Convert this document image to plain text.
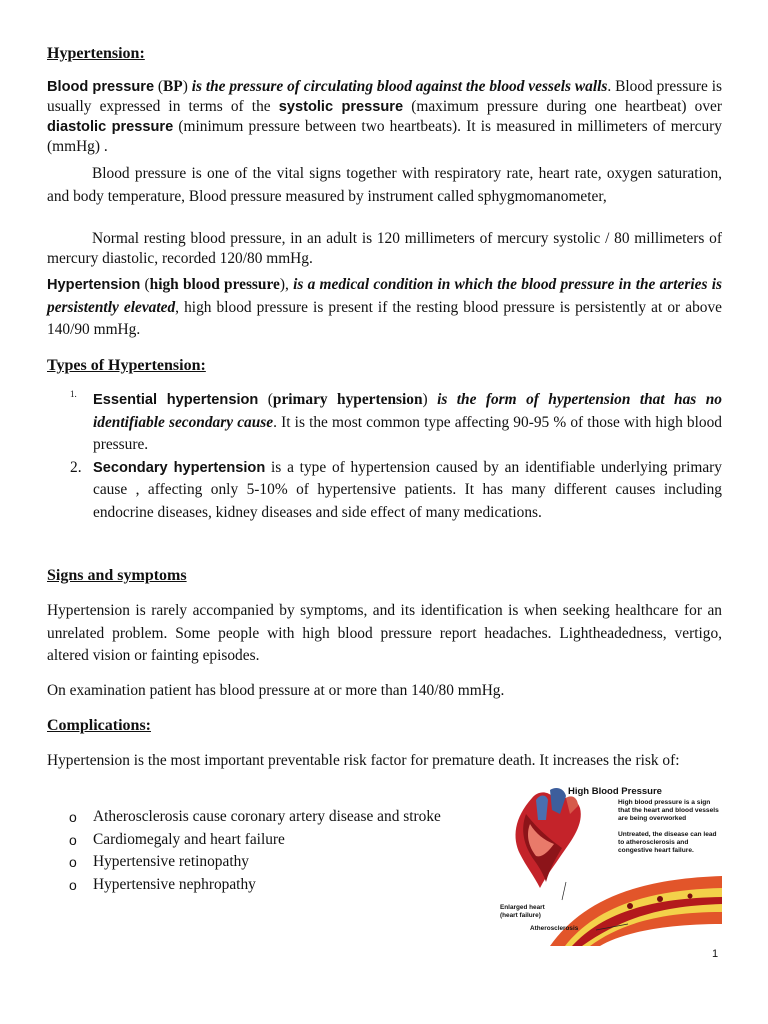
Hypertension:

Blood pressure (BP) is the pressure of circulating blood against the blood vessels walls. Blood pressure is usually expressed in terms of the systolic pressure (maximum pressure during one heartbeat) over diastolic pressure (minimum pressure between two heartbeats). It is measured in millimeters of mercury (mmHg) .

Blood pressure is one of the vital signs together with respiratory rate, heart rate, oxygen saturation, and body temperature, Blood pressure measured by instrument called sphygmomanometer,

Normal resting blood pressure, in an adult is 120 millimeters of mercury systolic / 80 millimeters of mercury diastolic, recorded 120/80 mmHg.

Hypertension (high blood pressure), is a medical condition in which the blood pressure in the arteries is persistently elevated, high blood pressure is present if the resting blood pressure is persistently at or above 140/90 mmHg.

Types of Hypertension:
1. Essential hypertension (primary hypertension) is the form of hypertension that has no identifiable secondary cause. It is the most common type affecting 90-95 % of those with high blood pressure.
2. Secondary hypertension is a type of hypertension caused by an identifiable underlying primary cause , affecting only 5-10% of hypertensive patients. It has many different causes including endocrine diseases, kidney diseases and side effect of many medications.
Signs and symptoms

Hypertension is rarely accompanied by symptoms, and its identification is when seeking healthcare for an unrelated problem. Some people with high blood pressure report headaches. Lightheadedness, vertigo, altered vision or fainting episodes.

On examination patient has blood pressure at or more than 140/80 mmHg.

Complications:

Hypertension is the most important preventable risk factor for premature death. It increases the risk of:

o Atherosclerosis cause coronary artery disease and stroke
o Cardiomegaly and heart failure
o Hypertensive retinopathy
o Hypertensive nephropathy
High Blood Pressure
High blood pressure is a sign that the heart and blood vessels are being overworked
Untreated, the disease can lead to atherosclerosis and congestive heart failure.
Enlarged heart (heart failure)
Atherosclerosis
1
